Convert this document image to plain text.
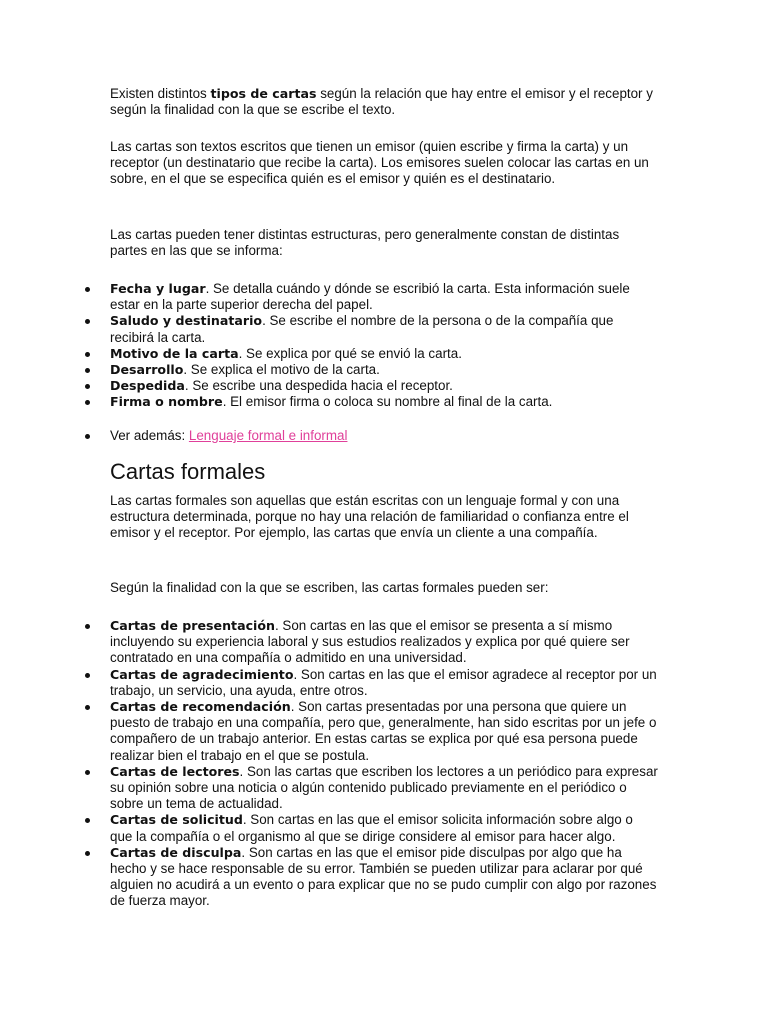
Existen distintos tipos de cartas según la relación que hay entre el emisor y el receptor y según la finalidad con la que se escribe el texto.

Las cartas son textos escritos que tienen un emisor (quien escribe y firma la carta) y un receptor (un destinatario que recibe la carta). Los emisores suelen colocar las cartas en un sobre, en el que se especifica quién es el emisor y quién es el destinatario.

Las cartas pueden tener distintas estructuras, pero generalmente constan de distintas partes en las que se informa:

Fecha y lugar. Se detalla cuándo y dónde se escribió la carta. Esta información suele estar en la parte superior derecha del papel.
Saludo y destinatario. Se escribe el nombre de la persona o de la compañía que recibirá la carta.
Motivo de la carta. Se explica por qué se envió la carta.
Desarrollo. Se explica el motivo de la carta.
Despedida. Se escribe una despedida hacia el receptor.
Firma o nombre. El emisor firma o coloca su nombre al final de la carta.
Ver además: Lenguaje formal e informal
Cartas formales

Las cartas formales son aquellas que están escritas con un lenguaje formal y con una estructura determinada, porque no hay una relación de familiaridad o confianza entre el emisor y el receptor. Por ejemplo, las cartas que envía un cliente a una compañía.

Según la finalidad con la que se escriben, las cartas formales pueden ser:

Cartas de presentación. Son cartas en las que el emisor se presenta a sí mismo incluyendo su experiencia laboral y sus estudios realizados y explica por qué quiere ser contratado en una compañía o admitido en una universidad.
Cartas de agradecimiento. Son cartas en las que el emisor agradece al receptor por un trabajo, un servicio, una ayuda, entre otros.
Cartas de recomendación. Son cartas presentadas por una persona que quiere un puesto de trabajo en una compañía, pero que, generalmente, han sido escritas por un jefe o compañero de un trabajo anterior. En estas cartas se explica por qué esa persona puede realizar bien el trabajo en el que se postula.
Cartas de lectores. Son las cartas que escriben los lectores a un periódico para expresar su opinión sobre una noticia o algún contenido publicado previamente en el periódico o sobre un tema de actualidad.
Cartas de solicitud. Son cartas en las que el emisor solicita información sobre algo o que la compañía o el organismo al que se dirige considere al emisor para hacer algo.
Cartas de disculpa. Son cartas en las que el emisor pide disculpas por algo que ha hecho y se hace responsable de su error. También se pueden utilizar para aclarar por qué alguien no acudirá a un evento o para explicar que no se pudo cumplir con algo por razones de fuerza mayor.
